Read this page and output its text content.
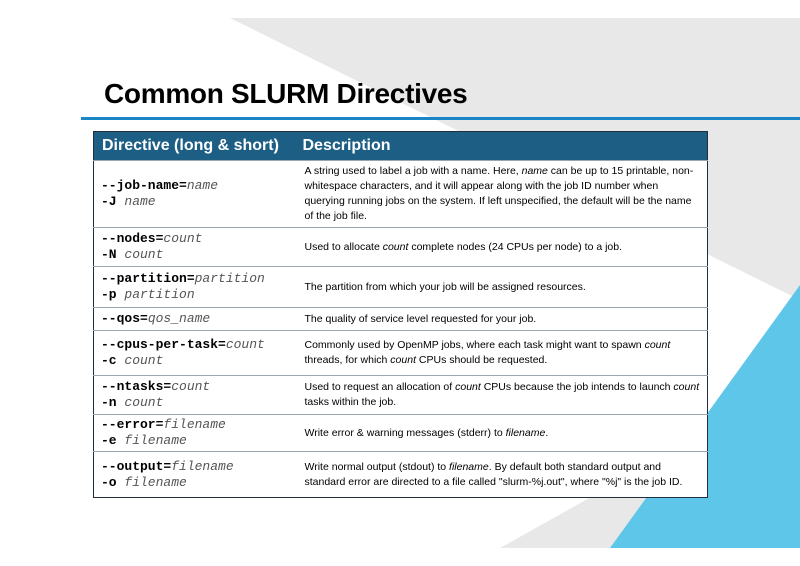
Common SLURM Directives
Directive (long & short)	Description

--job-name=name
-J name	A string used to label a job with a name. Here, name can be up to 15 printable, non-whitespace characters, and it will appear along with the job ID number when querying running jobs on the system. If left unspecified, the default will be the name of the job file.

--nodes=count
-N count	Used to allocate count complete nodes (24 CPUs per node) to a job.

--partition=partition
-p partition	The partition from which your job will be assigned resources.

--qos=qos_name	The quality of service level requested for your job.

--cpus-per-task=count
-c count	Commonly used by OpenMP jobs, where each task might want to spawn count threads, for which count CPUs should be requested.

--ntasks=count
-n count	Used to request an allocation of count CPUs because the job intends to launch count tasks within the job.

--error=filename
-e filename	Write error & warning messages (stderr) to filename.

--output=filename
-o filename	Write normal output (stdout) to filename. By default both standard output and standard error are directed to a file called "slurm-%j.out", where "%j" is the job ID.
